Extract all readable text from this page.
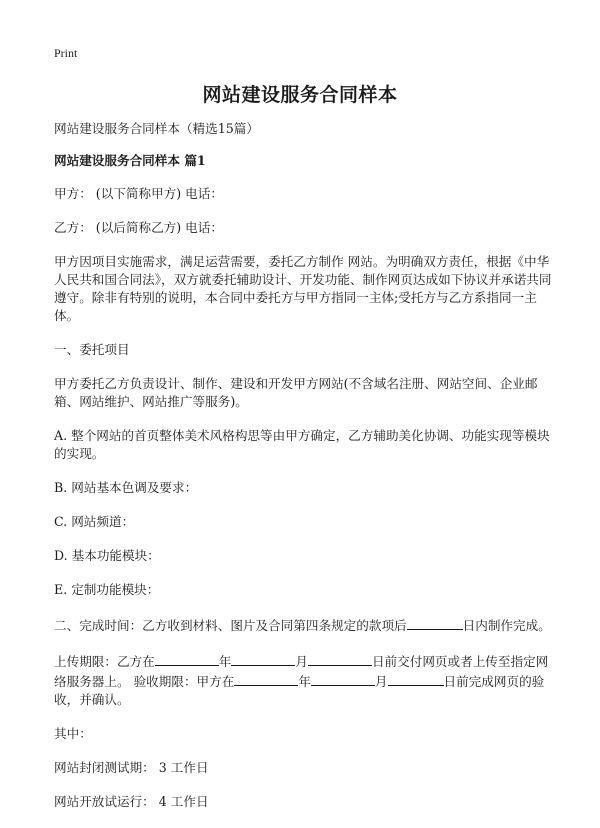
Print
网站建设服务合同样本

网站建设服务合同样本（精选15篇）

网站建设服务合同样本 篇1

甲方： (以下简称甲方) 电话：

乙方： (以后简称乙方) 电话：

甲方因项目实施需求，满足运营需要，委托乙方制作 网站。为明确双方责任，根据《中华人民共和国合同法》，双方就委托辅助设计、开发功能、制作网页达成如下协议并承诺共同遵守。除非有特别的说明，本合同中委托方与甲方指同一主体;受托方与乙方系指同一主体。

一、委托项目

甲方委托乙方负责设计、制作、建设和开发甲方网站(不含域名注册、网站空间、企业邮箱、网站维护、网站推广等服务)。

A. 整个网站的首页整体美术风格构思等由甲方确定，乙方辅助美化协调、功能实现等模块的实现。

B. 网站基本色调及要求：

C. 网站频道：

D. 基本功能模块：

E. 定制功能模块：

二、完成时间：乙方收到材料、图片及合同第四条规定的款项后	日内制作完成。

上传期限：乙方在	年	月	日前交付网页或者上传至指定网络服务器上。 验收期限：甲方在	年	月	日前完成网页的验收，并确认。

其中：

网站封闭测试期： 3 工作日

网站开放试运行： 4 工作日
